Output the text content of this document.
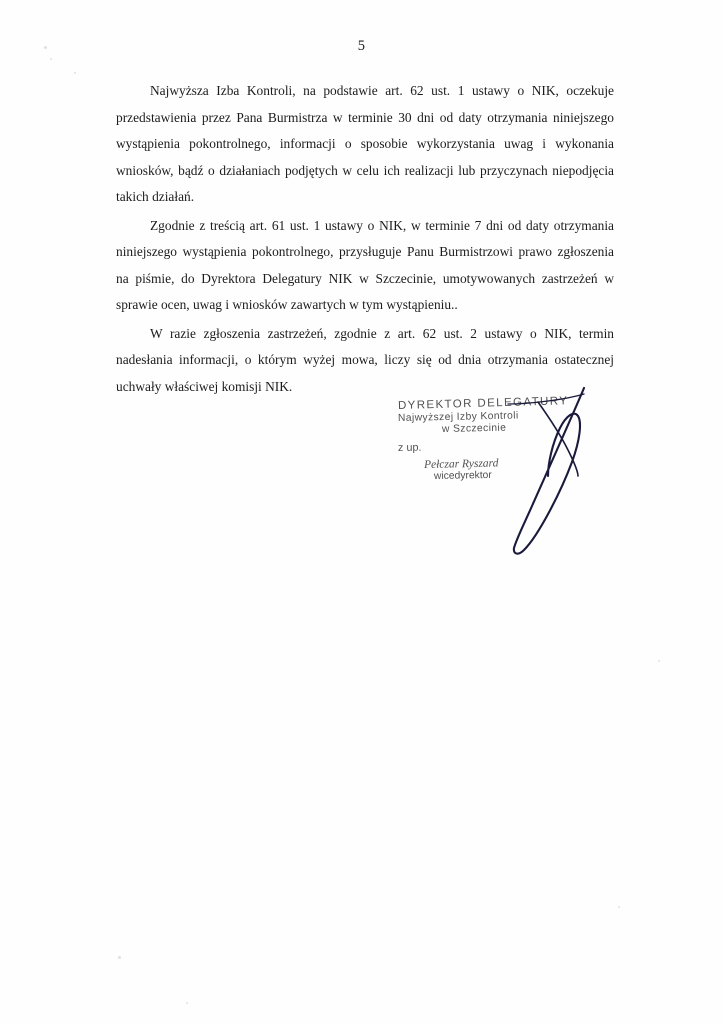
5

Najwyższa Izba Kontroli, na podstawie art. 62 ust. 1 ustawy o NIK, oczekuje przedstawienia przez Pana Burmistrza w terminie 30 dni od daty otrzymania niniejszego wystąpienia pokontrolnego, informacji o sposobie wykorzystania uwag i wykonania wniosków, bądź o działaniach podjętych w celu ich realizacji lub przyczynach niepodjęcia takich działań.

Zgodnie z treścią art. 61 ust. 1 ustawy o NIK, w terminie 7 dni od daty otrzymania niniejszego wystąpienia pokontrolnego, przysługuje Panu Burmistrzowi prawo zgłoszenia na piśmie, do Dyrektora Delegatury NIK w Szczecinie, umotywowanych zastrzeżeń w sprawie ocen, uwag i wniosków zawartych w tym wystąpieniu..

W razie zgłoszenia zastrzeżeń, zgodnie z art. 62 ust. 2 ustawy o NIK, termin nadesłania informacji, o którym wyżej mowa, liczy się od dnia otrzymania ostatecznej uchwały właściwej komisji NIK.

DYREKTOR DELEGATURY
Najwyższej Izby Kontroli
w Szczecinie
z up.
Pełczar Ryszard
wicedyrektor
